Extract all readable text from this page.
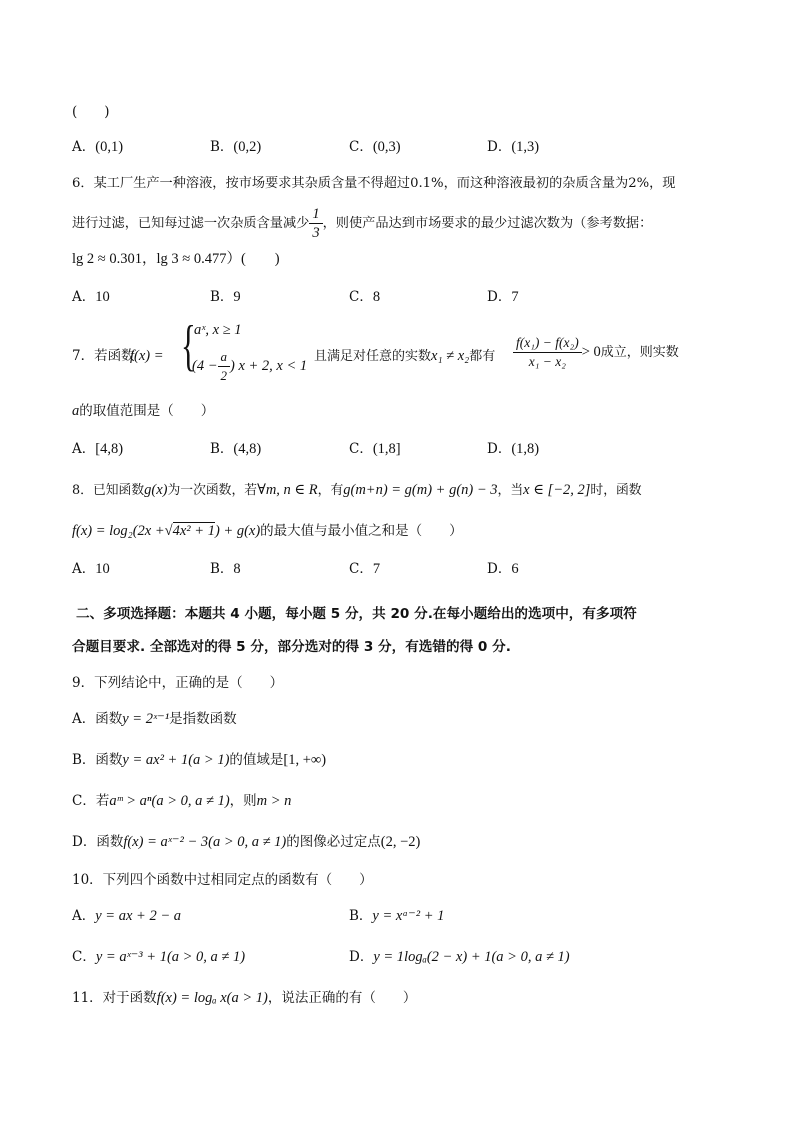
(　　)
A．(0,1)	B．(0,2)	C．(0,3)	D．(1,3)
6．某工厂生产一种溶液，按市场要求其杂质含量不得超过0.1%，而这种溶液最初的杂质含量为2%，现
进行过滤，已知每过滤一次杂质含量减少 $\frac{1}{3}$ ，则使产品达到市场要求的最少过滤次数为（参考数据：
lg 2 ≈ 0.301，lg 3 ≈ 0.477）(　　)
A．10	B．9	C．8	D．7
7．若函数
f(x) = {
aˣ, x ≥ 1
($4 - \frac{a}{2}$ ) x + 2, x < 1
且满足对任意的实数x₁ ≠ x₂都有 $\frac{\text{f(x₁) − f(x₂)}}{\text{x₁ − x₂}} > 0$成立，则实数
a的取值范围是（　　）
A．[4,8)	B．(4,8)	C．(1,8]	D．(1,8)
8．已知函数g(x)为一次函数，若∀m, n ∈ R，有g(m+n) = g(m) + g(n) − 3，当x ∈ [−2, 2]时，函数
f(x) = log₂(2x +√4x² + 1) + g(x)的最大值与最小值之和是（　　）
A．10	B．8	C．7	D．6
二、多项选择题：本题共 4 小题，每小题 5 分，共 20 分.在每小题给出的选项中，有多项符
合题目要求. 全部选对的得 5 分，部分选对的得 3 分，有选错的得 0 分.
9．下列结论中，正确的是（　　）
A．函数y = 2ˣ⁻¹是指数函数
B．函数y = ax² + 1(a > 1)的值域是[1, +∞)
C．若aᵐ > aⁿ(a > 0, a ≠ 1)，则m > n
D．函数f(x) = aˣ⁻² − 3(a > 0, a ≠ 1)的图像必过定点(2, −2)
10．下列四个函数中过相同定点的函数有（　　）
A．y = ax + 2 − a	B．y = xᵃ⁻² + 1
C．y = aˣ⁻³ + 1(a > 0, a ≠ 1)	D．y = 1logₐ(2 − x) + 1(a > 0, a ≠ 1)
11．对于函数f(x) = logₐ x(a > 1)，说法正确的有（　　）
